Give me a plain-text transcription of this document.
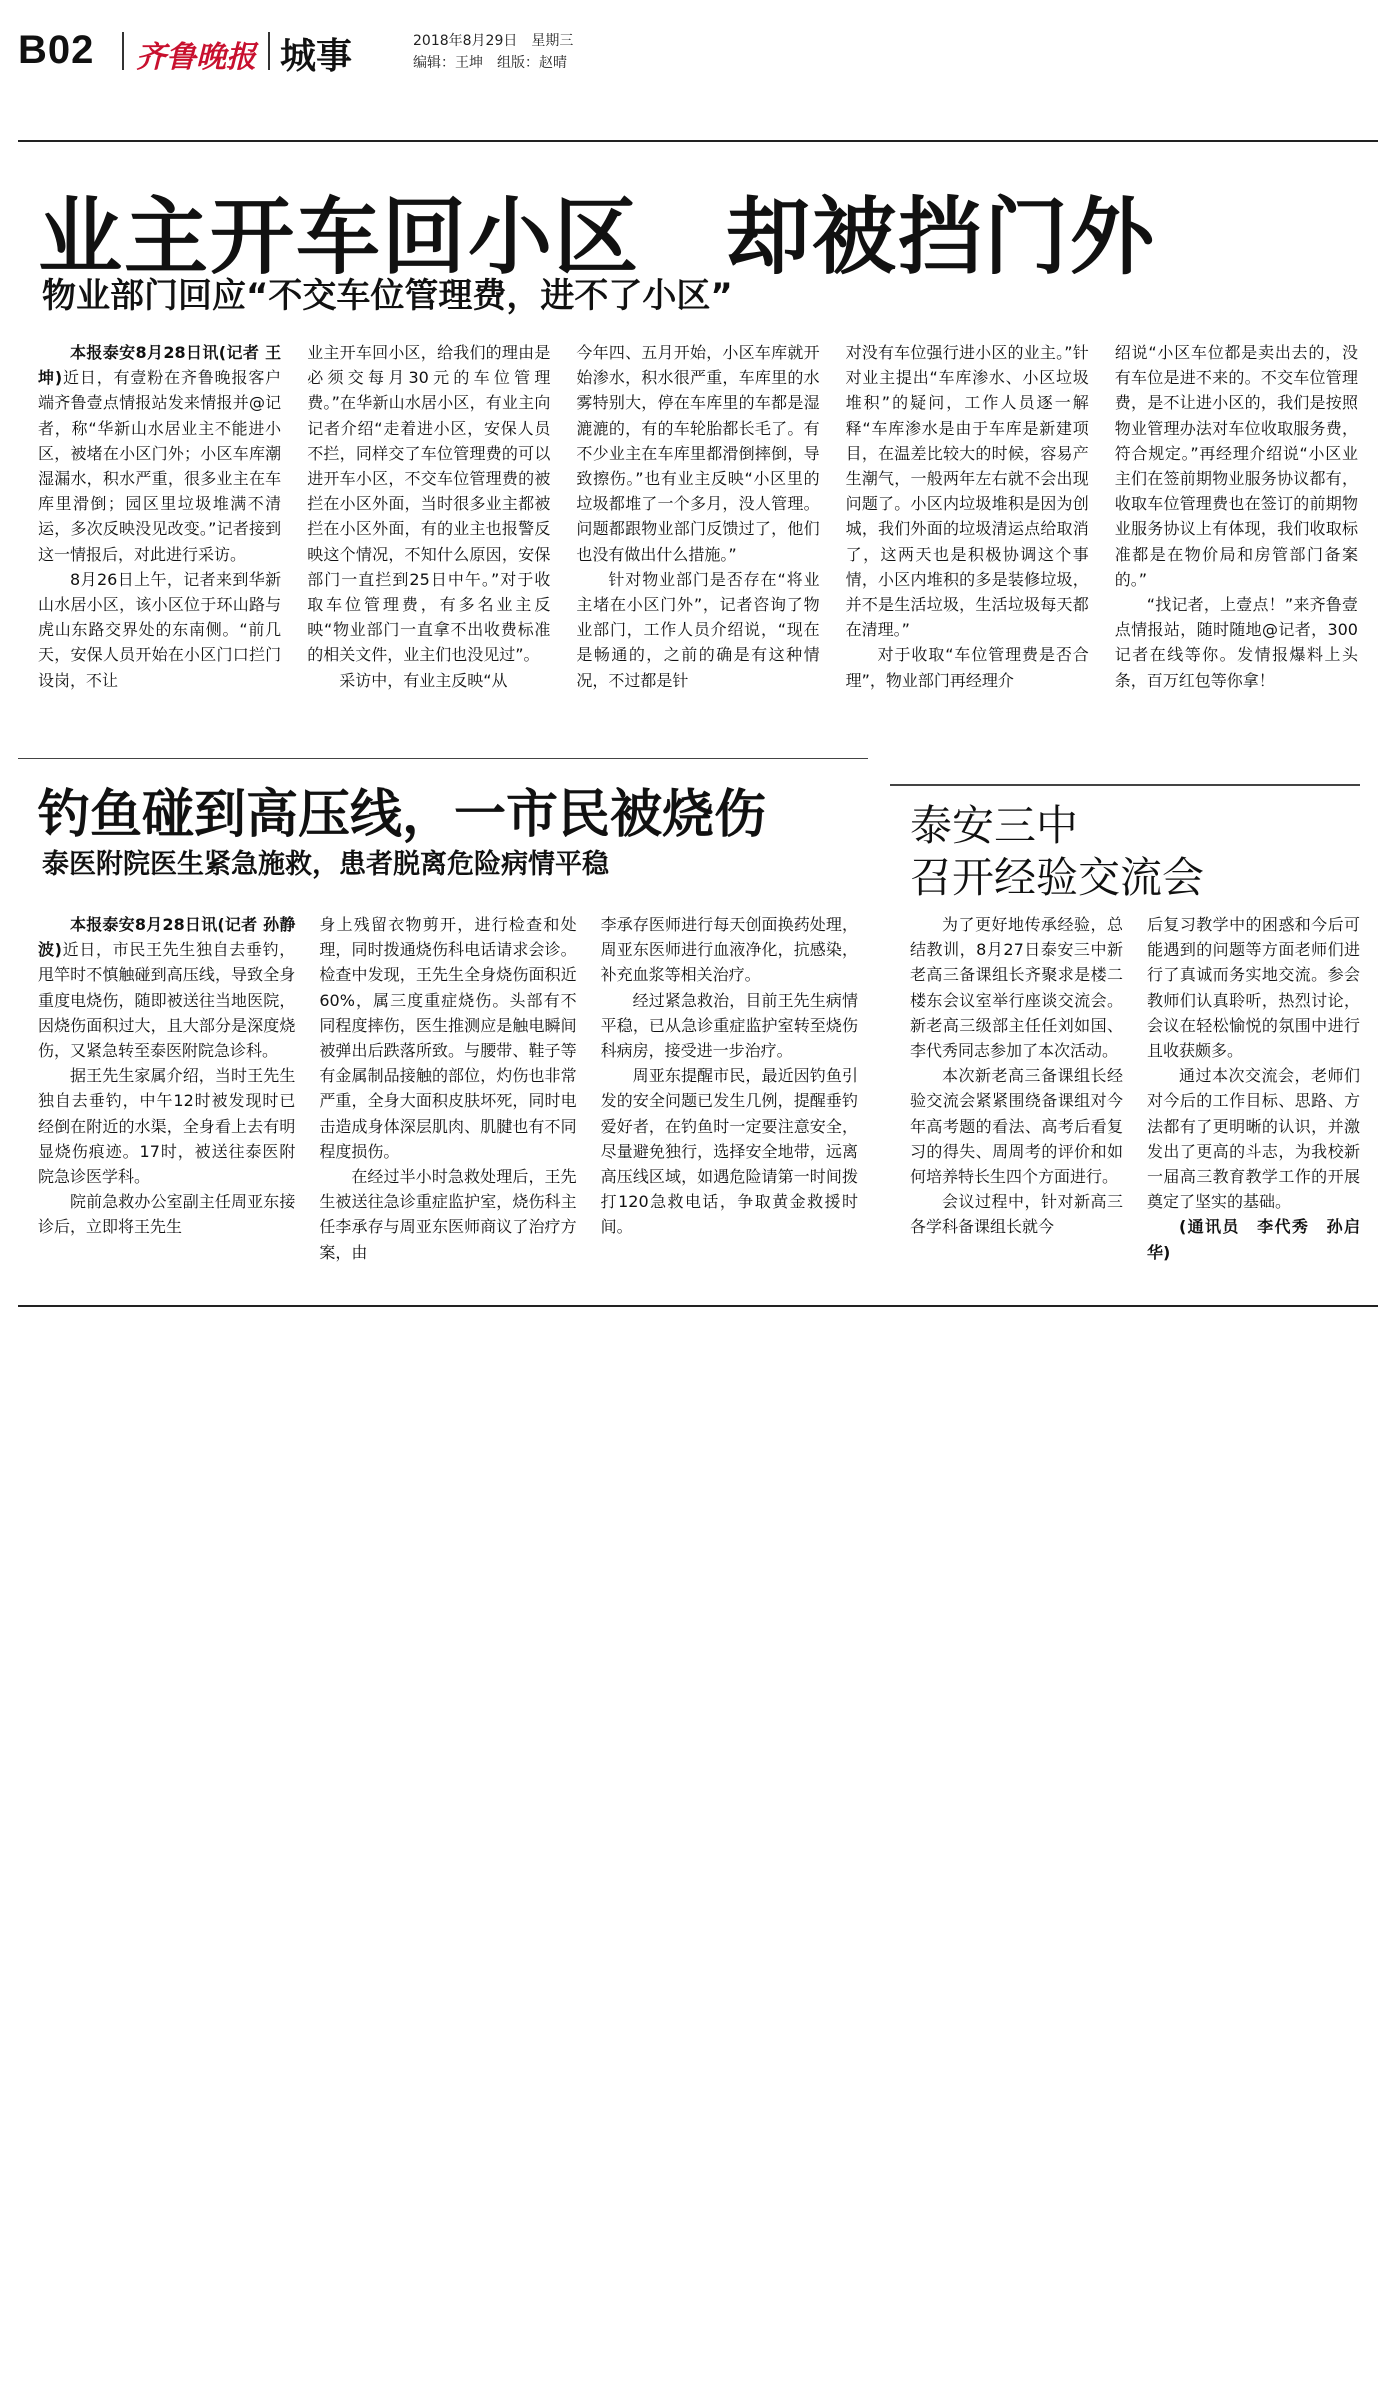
B02 齐鲁晚报 城事	2018年8月29日　星期三
编辑：王坤　组版：赵晴
业主开车回小区　却被挡门外
物业部门回应“不交车位管理费，进不了小区”

本报泰安8月28日讯(记者 王坤)近日，有壹粉在齐鲁晚报客户端齐鲁壹点情报站发来情报并@记者，称“华新山水居业主不能进小区，被堵在小区门外；小区车库潮湿漏水，积水严重，很多业主在车库里滑倒；园区里垃圾堆满不清运，多次反映没见改变。”记者接到这一情报后，对此进行采访。

8月26日上午，记者来到华新山水居小区，该小区位于环山路与虎山东路交界处的东南侧。“前几天，安保人员开始在小区门口拦门设岗，不让

业主开车回小区，给我们的理由是必须交每月30元的车位管理费。”在华新山水居小区，有业主向记者介绍“走着进小区，安保人员不拦，同样交了车位管理费的可以进开车小区，不交车位管理费的被拦在小区外面，当时很多业主都被拦在小区外面，有的业主也报警反映这个情况，不知什么原因，安保部门一直拦到25日中午。”对于收取车位管理费，有多名业主反映“物业部门一直拿不出收费标准的相关文件，业主们也没见过”。

采访中，有业主反映“从

今年四、五月开始，小区车库就开始渗水，积水很严重，车库里的水雾特别大，停在车库里的车都是湿漉漉的，有的车轮胎都长毛了。有不少业主在车库里都滑倒摔倒，导致擦伤。”也有业主反映“小区里的垃圾都堆了一个多月，没人管理。问题都跟物业部门反馈过了，他们也没有做出什么措施。”

针对物业部门是否存在“将业主堵在小区门外”，记者咨询了物业部门，工作人员介绍说，“现在是畅通的，之前的确是有这种情况，不过都是针

对没有车位强行进小区的业主。”针对业主提出“车库渗水、小区垃圾堆积”的疑问，工作人员逐一解释“车库渗水是由于车库是新建项目，在温差比较大的时候，容易产生潮气，一般两年左右就不会出现问题了。小区内垃圾堆积是因为创城，我们外面的垃圾清运点给取消了，这两天也是积极协调这个事情，小区内堆积的多是装修垃圾，并不是生活垃圾，生活垃圾每天都在清理。”

对于收取“车位管理费是否合理”，物业部门再经理介

绍说“小区车位都是卖出去的，没有车位是进不来的。不交车位管理费，是不让进小区的，我们是按照物业管理办法对车位收取服务费，符合规定。”再经理介绍说“小区业主们在签前期物业服务协议都有，收取车位管理费也在签订的前期物业服务协议上有体现，我们收取标准都是在物价局和房管部门备案的。”

“找记者，上壹点！”来齐鲁壹点情报站，随时随地@记者，300记者在线等你。发情报爆料上头条，百万红包等你拿！

钓鱼碰到高压线，一市民被烧伤
泰医附院医生紧急施救，患者脱离危险病情平稳

本报泰安8月28日讯(记者 孙静波)近日，市民王先生独自去垂钓，甩竿时不慎触碰到高压线，导致全身重度电烧伤，随即被送往当地医院，因烧伤面积过大，且大部分是深度烧伤，又紧急转至泰医附院急诊科。

据王先生家属介绍，当时王先生独自去垂钓，中午12时被发现时已经倒在附近的水渠，全身看上去有明显烧伤痕迹。17时，被送往泰医附院急诊医学科。

院前急救办公室副主任周亚东接诊后，立即将王先生

身上残留衣物剪开，进行检查和处理，同时拨通烧伤科电话请求会诊。检查中发现，王先生全身烧伤面积近60%，属三度重症烧伤。头部有不同程度摔伤，医生推测应是触电瞬间被弹出后跌落所致。与腰带、鞋子等有金属制品接触的部位，灼伤也非常严重，全身大面积皮肤坏死，同时电击造成身体深层肌肉、肌腱也有不同程度损伤。

在经过半小时急救处理后，王先生被送往急诊重症监护室，烧伤科主任李承存与周亚东医师商议了治疗方案，由

李承存医师进行每天创面换药处理，周亚东医师进行血液净化，抗感染，补充血浆等相关治疗。

经过紧急救治，目前王先生病情平稳，已从急诊重症监护室转至烧伤科病房，接受进一步治疗。

周亚东提醒市民，最近因钓鱼引发的安全问题已发生几例，提醒垂钓爱好者，在钓鱼时一定要注意安全，尽量避免独行，选择安全地带，远离高压线区域，如遇危险请第一时间拨打120急救电话，争取黄金救援时间。

泰安三中
召开经验交流会

为了更好地传承经验，总结教训，8月27日泰安三中新老高三备课组长齐聚求是楼二楼东会议室举行座谈交流会。新老高三级部主任任刘如国、李代秀同志参加了本次活动。

本次新老高三备课组长经验交流会紧紧围绕备课组对今年高考题的看法、高考后看复习的得失、周周考的评价和如何培养特长生四个方面进行。

会议过程中，针对新高三各学科备课组长就今

后复习教学中的困惑和今后可能遇到的问题等方面老师们进行了真诚而务实地交流。参会教师们认真聆听，热烈讨论，会议在轻松愉悦的氛围中进行且收获颇多。

通过本次交流会，老师们对今后的工作目标、思路、方法都有了更明晰的认识，并激发出了更高的斗志，为我校新一届高三教育教学工作的开展奠定了坚实的基础。

(通讯员　李代秀　孙启华)
